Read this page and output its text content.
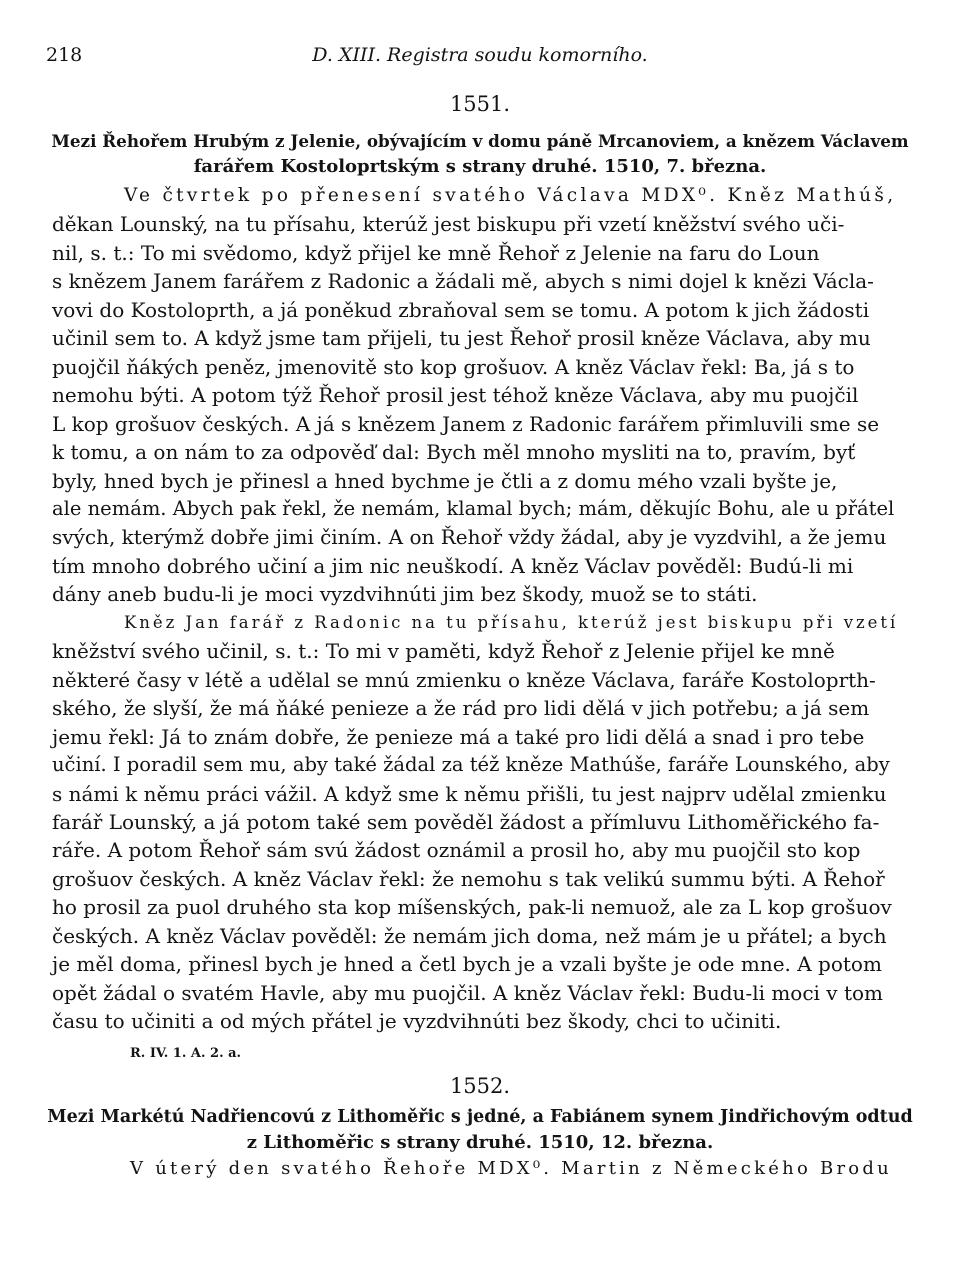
218	D. XIII. Registra soudu komorního.
1551.
Mezi Řehořem Hrubým z Jelenie, obývajícím v domu páně Mrcanoviem, a knězem Václavem
farářem Kostoloprtským s strany druhé. 1510, 7. března.
Ve čtvrtek po přenesení svatého Václava MDX⁰. Kněz Mathúš,
děkan Lounský, na tu přísahu, kterúž jest biskupu při vzetí kněžství svého uči-
nil, s. t.: To mi svědomo, když přijel ke mně Řehoř z Jelenie na faru do Loun
s knězem Janem farářem z Radonic a žádali mě, abych s nimi dojel k knězi Václa-
vovi do Kostoloprth, a já poněkud zbraňoval sem se tomu. A potom k jich žádosti
učinil sem to. A když jsme tam přijeli, tu jest Řehoř prosil kněze Václava, aby mu
puojčil ňákých peněz, jmenovitě sto kop grošuov. A kněz Václav řekl: Ba, já s to
nemohu býti. A potom týž Řehoř prosil jest téhož kněze Václava, aby mu puojčil
L kop grošuov českých. A já s knězem Janem z Radonic farářem přimluvili sme se
k tomu, a on nám to za odpověď dal: Bych měl mnoho mysliti na to, pravím, byť
byly, hned bych je přinesl a hned bychme je čtli a z domu mého vzali byšte je,
ale nemám. Abych pak řekl, že nemám, klamal bych; mám, děkujíc Bohu, ale u přátel
svých, kterýmž dobře jimi činím. A on Řehoř vždy žádal, aby je vyzdvihl, a že jemu
tím mnoho dobrého učiní a jim nic neuškodí. A kněz Václav pověděl: Budú-li mi
dány aneb budu-li je moci vyzdvihnúti jim bez škody, muož se to státi.
Kněz Jan farář z Radonic na tu přísahu, kterúž jest biskupu při vzetí
kněžství svého učinil, s. t.: To mi v paměti, když Řehoř z Jelenie přijel ke mně
některé časy v létě a udělal se mnú zmienku o kněze Václava, faráře Kostoloprth-
ského, že slyší, že má ňáké penieze a že rád pro lidi dělá v jich potřebu; a já sem
jemu řekl: Já to znám dobře, že penieze má a také pro lidi dělá a snad i pro tebe
učiní. I poradil sem mu, aby také žádal za též kněze Mathúše, faráře Lounského, aby
s námi k němu práci vážil. A když sme k němu přišli, tu jest najprv udělal zmienku
farář Lounský, a já potom také sem pověděl žádost a přímluvu Lithoměřického fa-
ráře. A potom Řehoř sám svú žádost oznámil a prosil ho, aby mu puojčil sto kop
grošuov českých. A kněz Václav řekl: že nemohu s tak velikú summu býti. A Řehoř
ho prosil za puol druhého sta kop míšenských, pak-li nemuož, ale za L kop grošuov
českých. A kněz Václav pověděl: že nemám jich doma, než mám je u přátel; a bych
je měl doma, přinesl bych je hned a četl bych je a vzali byšte je ode mne. A potom
opět žádal o svatém Havle, aby mu puojčil. A kněz Václav řekl: Budu-li moci v tom
času to učiniti a od mých přátel je vyzdvihnúti bez škody, chci to učiniti.
R. IV. 1. A. 2. a.
1552.
Mezi Markétú Nadřiencovú z Lithoměřic s jedné, a Fabiánem synem Jindřichovým odtud
z Lithoměřic s strany druhé. 1510, 12. března.
V úterý den svatého Řehoře MDX⁰. Martin z Německého Brodu
